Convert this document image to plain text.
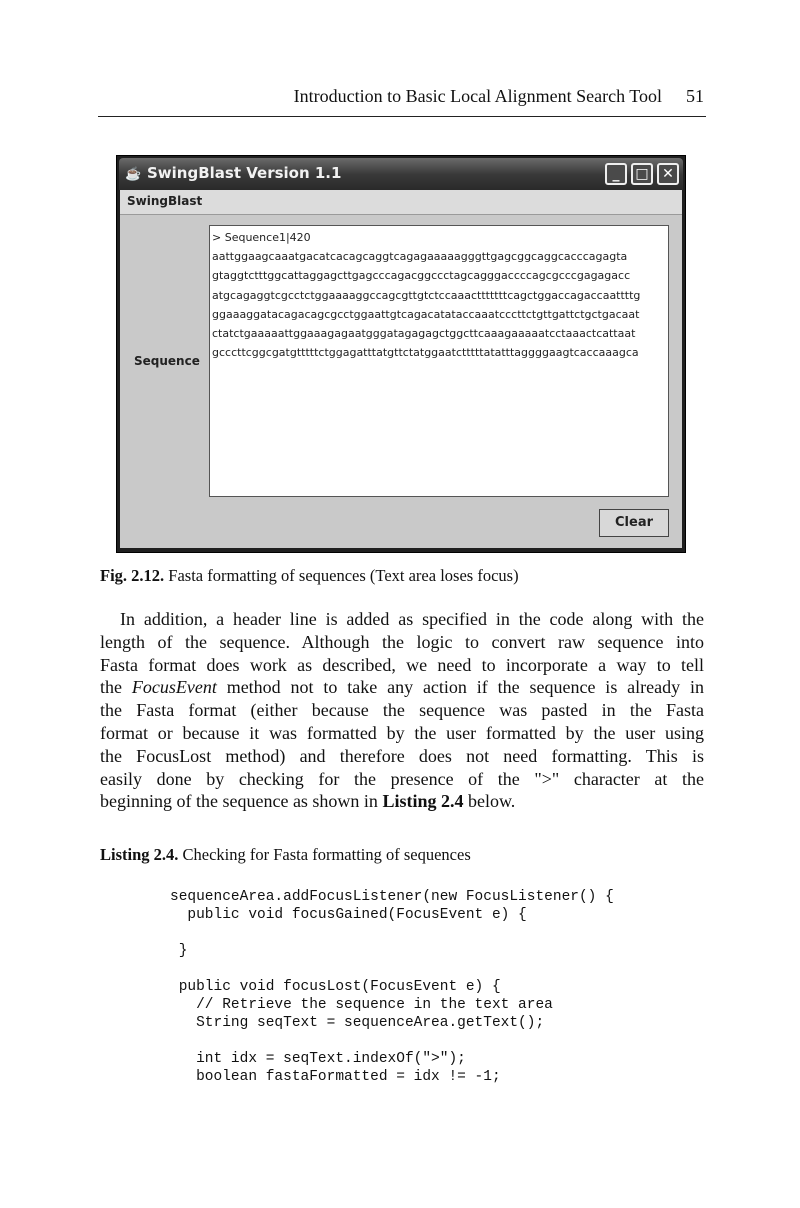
Introduction to Basic Local Alignment Search Tool 51
☕ SwingBlast Version 1.1	_	□ ✕
SwingBlast
Sequence
> Sequence1|420
aattggaagcaaatgacatcacagcaggtcagagaaaaagggttgagcggcaggcacccagagta
gtaggtctttggcattaggagcttgagcccagacggccctagcagggaccccagcgcccgagagacc
atgcagaggtcgcctctggaaaaggccagcgttgtctccaaactttttttcagctggaccagaccaattttg
ggaaaggatacagacagcgcctggaattgtcagacatataccaaatcccttctgttgattctgctgacaat
ctatctgaaaaattggaaagagaatgggatagagagctggcttcaaagaaaaatcctaaactcattaat
gcccttcggcgatgtttttctggagatttatgttctatggaatctttttatatttaggggaagtcaccaaagca
Clear
Fig. 2.12. Fasta formatting of sequences (Text area loses focus)
In addition, a header line is added as specified in the code along with the
length of the sequence. Although the logic to convert raw sequence into
Fasta format does work as described, we need to incorporate a way to tell
the FocusEvent method not to take any action if the sequence is already in
the Fasta format (either because the sequence was pasted in the Fasta
format or because it was formatted by the user formatted by the user using
the FocusLost method) and therefore does not need formatting. This is
easily done by checking for the presence of the ">" character at the
beginning of the sequence as shown in Listing 2.4 below.
Listing 2.4. Checking for Fasta formatting of sequences
sequenceArea.addFocusListener(new FocusListener() {
public void focusGained(FocusEvent e) {

}

public void focusLost(FocusEvent e) {
// Retrieve the sequence in the text area
String seqText = sequenceArea.getText();

int idx = seqText.indexOf(">");
boolean fastaFormatted = idx != -1;
